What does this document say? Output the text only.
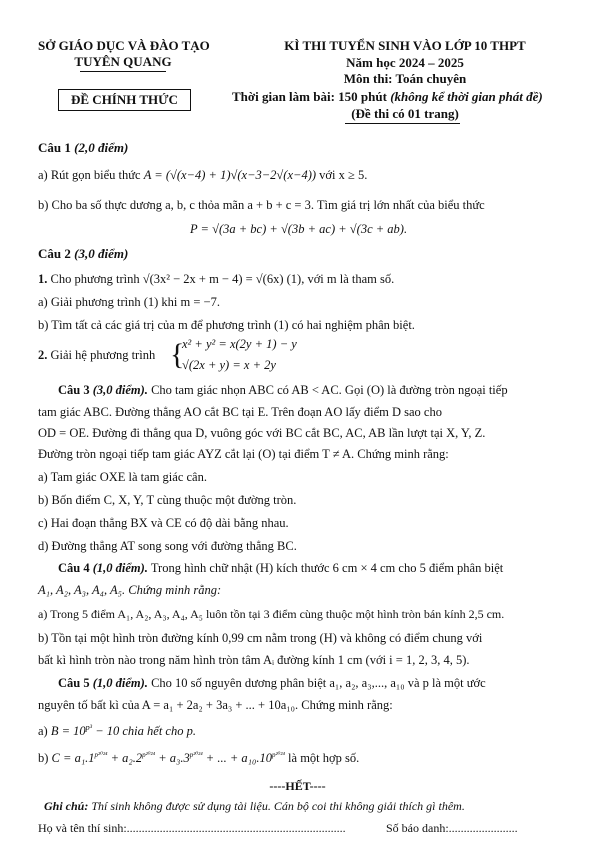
SỞ GIÁO DỤC VÀ ĐÀO TẠO
TUYÊN QUANG
KÌ THI TUYỂN SINH VÀO LỚP 10 THPT
Năm học 2024 – 2025
Môn thi: Toán chuyên
ĐỀ CHÍNH THỨC	Thời gian làm bài: 150 phút (không kể thời gian phát đề)
(Đề thi có 01 trang)
Câu 1 (2,0 điểm)
a) Rút gọn biểu thức A = (√(x−4) + 1)√(x−3−2√(x−4)) với x ≥ 5.
b) Cho ba số thực dương a, b, c thỏa mãn a + b + c = 3. Tìm giá trị lớn nhất của biểu thức
P = √(3a + bc) + √(3b + ac) + √(3c + ab).
Câu 2 (3,0 điểm)
1. Cho phương trình √(3x² − 2x + m − 4) = √(6x) (1), với m là tham số.
a) Giải phương trình (1) khi m = −7.
b) Tìm tất cả các giá trị của m để phương trình (1) có hai nghiệm phân biệt.
2. Giải hệ phương trình {
x² + y² = x(2y + 1) − y
√(2x + y) = x + 2y
Câu 3 (3,0 điểm). Cho tam giác nhọn ABC có AB < AC. Gọi (O) là đường tròn ngoại tiếp
tam giác ABC. Đường thẳng AO cắt BC tại E. Trên đoạn AO lấy điểm D sao cho
OD = OE. Đường đi thẳng qua D, vuông góc với BC cắt BC, AC, AB lần lượt tại X, Y, Z.
Đường tròn ngoại tiếp tam giác AYZ cắt lại (O) tại điểm T ≠ A. Chứng minh rằng:
a) Tam giác OXE là tam giác cân.
b) Bốn điểm C, X, Y, T cùng thuộc một đường tròn.
c) Hai đoạn thẳng BX và CE có độ dài bằng nhau.
d) Đường thẳng AT song song với đường thẳng BC.
Câu 4 (1,0 điểm). Trong hình chữ nhật (H) kích thước 6 cm × 4 cm cho 5 điểm phân biệt
A₁, A₂, A₃, A₄, A₅. Chứng minh rằng:
a) Trong 5 điểm A₁, A₂, A₃, A₄, A₅ luôn tồn tại 3 điểm cùng thuộc một hình tròn bán kính 2,5 cm.
b) Tồn tại một hình tròn đường kính 0,99 cm nằm trong (H) và không có điểm chung với
bất kì hình tròn nào trong năm hình tròn tâm Aᵢ đường kính 1 cm (với i = 1, 2, 3, 4, 5).
Câu 5 (1,0 điểm). Cho 10 số nguyên dương phân biệt a₁, a₂, a₃,..., a₁₀ và p là một ước
nguyên tố bất kì của A = a₁ + 2a₂ + 3a₃ + ... + 10a₁₀. Chứng minh rằng:
a) $B = 10^{p^3} - 10$ chia hết cho p.
b) $C = a_1.1^{p^{2024}} + a_2.2^{p^{2024}} + a_3.3^{p^{2024}}$ + ... + $a_{10}.10^{p^{2024}}$ là một hợp số.
----HẾT----
Ghi chú: Thí sinh không được sử dụng tài liệu. Cán bộ coi thi không giải thích gì thêm.
Họ và tên thí sinh:.........................................................................	Số báo danh:.......................
